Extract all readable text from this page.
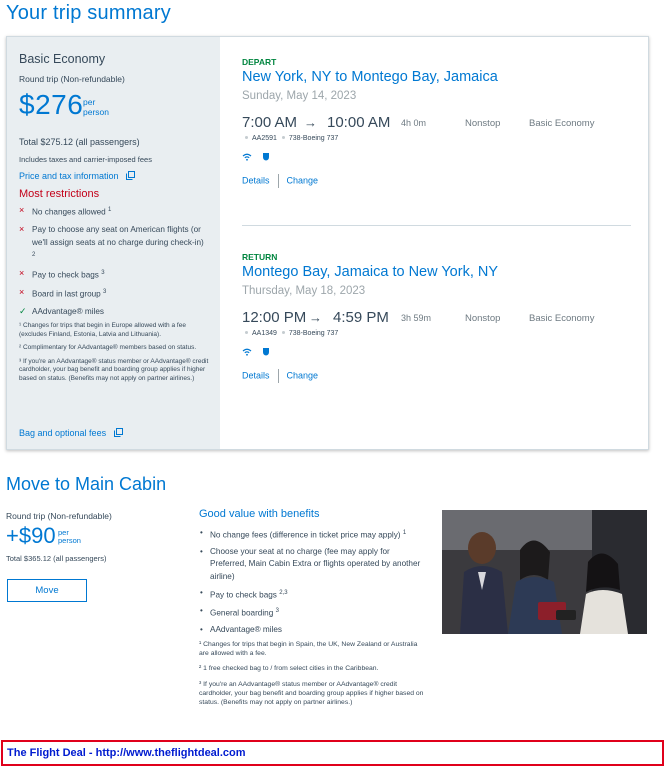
Your trip summary
Basic Economy
Round trip (Non-refundable)
$276 per
person
Total $275.12 (all passengers)
Includes taxes and carrier-imposed fees
Price and tax information
Most restrictions
× No changes allowed $^1$
× Pay to choose any seat on American flights (or we'll assign seats at no charge during check-in) $^2$
× Pay to check bags $^3$
× Board in last group $^3$
✓ AAdvantage® miles

¹ Changes for trips that begin in Europe allowed with a fee (excludes Finland, Estonia, Latvia and Lithuania).

² Complimentary for AAdvantage® members based on status.

³ If you're an AAdvantage® status member or AAdvantage® credit cardholder, your bag benefit and boarding group applies if higher based on status. (Benefits may not apply on partner airlines.)

Bag and optional fees
DEPART
New York, NY to Montego Bay, Jamaica
Sunday, May 14, 2023
7:00 AM → 10:00 AM 4h 0m	Nonstop	Basic Economy
AA2591 738-Boeing 737

Details Change
RETURN
Montego Bay, Jamaica to New York, NY
Thursday, May 18, 2023
12:00 PM → 4:59 PM 3h 59m	Nonstop	Basic Economy
AA1349 738-Boeing 737

Details Change
Move to Main Cabin
Round trip (Non-refundable)
+$90 per
person
Total $365.12 (all passengers)
Move
Good value with benefits
• No change fees (difference in ticket price may apply) $^1$
• Choose your seat at no charge (fee may apply for Preferred, Main Cabin Extra or flights operated by another airline)
• Pay to check bags $^{2,3}$
• General boarding $^3$
• AAdvantage® miles

¹ Changes for trips that begin in Spain, the UK, New Zealand or Australia are allowed with a fee.

² 1 free checked bag to / from select cities in the Caribbean.

³ If you're an AAdvantage® status member or AAdvantage® credit cardholder, your bag benefit and boarding group applies if higher based on status. (Benefits may not apply on partner airlines.)

The Flight Deal - http://www.theflightdeal.com
